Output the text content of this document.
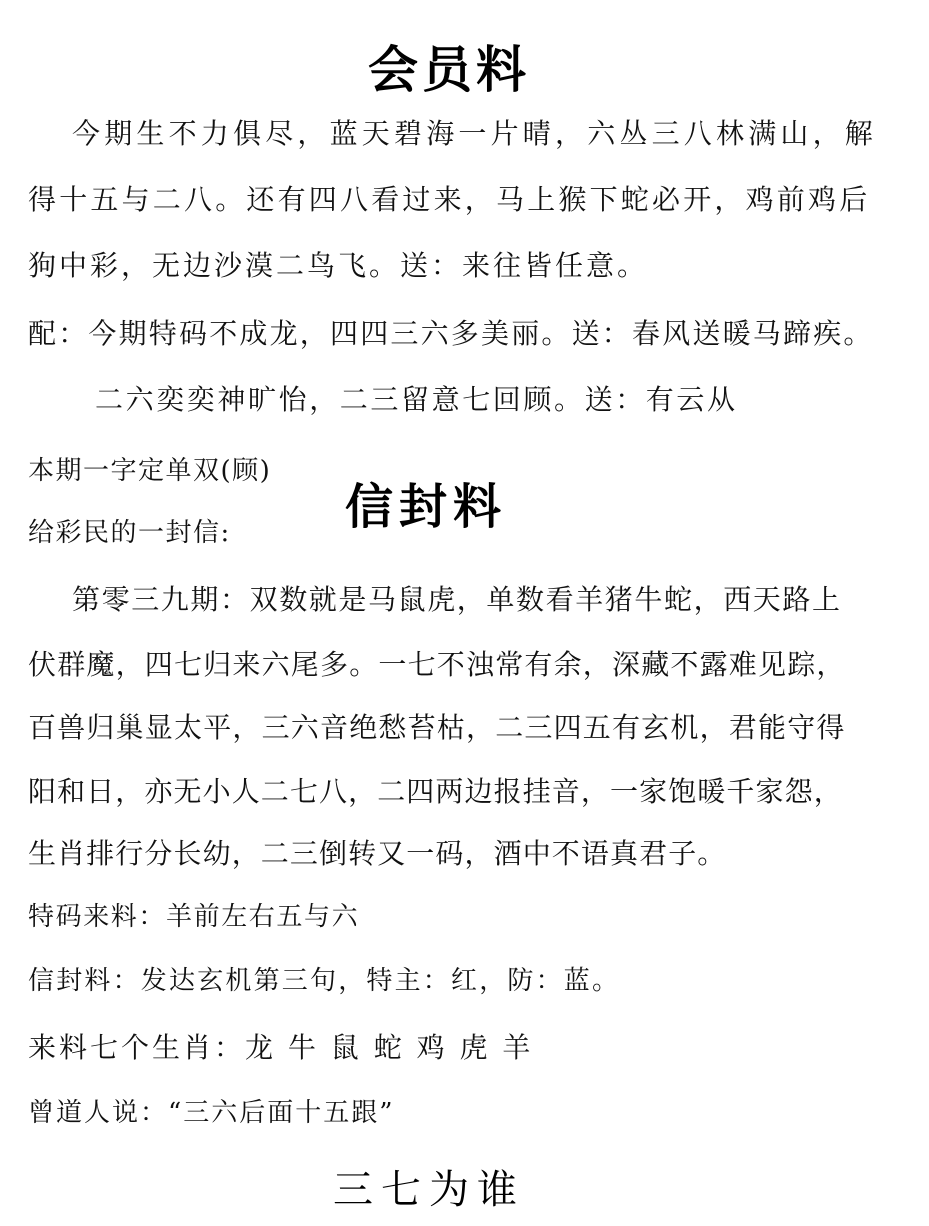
会员料
今期生不力俱尽，蓝天碧海一片晴，六丛三八林满山，解
得十五与二八。还有四八看过来，马上猴下蛇必开，鸡前鸡后
狗中彩，无边沙漠二鸟飞。送：来往皆任意。
配：今期特码不成龙，四四三六多美丽。送：春风送暖马蹄疾。
二六奕奕神旷怡，二三留意七回顾。送：有云从
本期一字定单双(顾)
信封料
给彩民的一封信:
第零三九期：双数就是马鼠虎，单数看羊猪牛蛇，西天路上
伏群魔，四七归来六尾多。一七不浊常有余，深藏不露难见踪，
百兽归巢显太平，三六音绝愁苔枯，二三四五有玄机，君能守得
阳和日，亦无小人二七八，二四两边报挂音，一家饱暖千家怨，
生肖排行分长幼，二三倒转又一码，酒中不语真君子。
特码来料：羊前左右五与六
信封料：发达玄机第三句，特主：红，防：蓝。
来料七个生肖：龙 牛 鼠 蛇 鸡 虎 羊
曾道人说：“三六后面十五跟”
三七为谁
